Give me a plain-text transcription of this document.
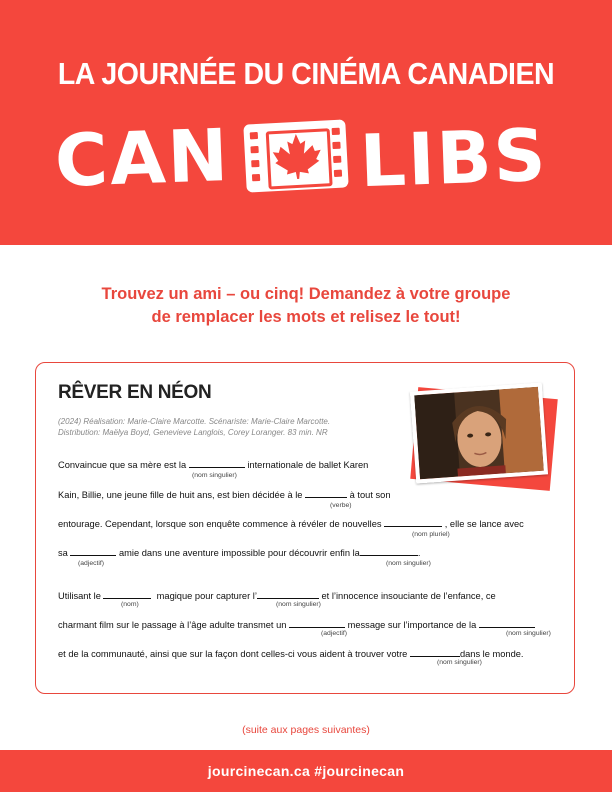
LA JOURNÉE DU CINÉMA CANADIEN
CAN LIBS
Trouvez un ami – ou cinq! Demandez à votre groupe
de remplacer les mots et relisez le tout!
RÊVER EN NÉON
(2024) Réalisation: Marie-Claire Marcotte. Scénariste: Marie-Claire Marcotte.
Distribution: Maëlya Boyd, Genevieve Langlois, Corey Loranger. 83 min. NR
Convaincue que sa mère est la	internationale de ballet Karen
(nom singulier)
Kain, Billie, une jeune fille de huit ans, est bien décidée à le	à tout son
(verbe)
entourage. Cependant, lorsque son enquête commence à révéler de nouvelles	, elle se lance avec
(nom pluriel)
sa	amie dans une aventure impossible pour découvrir enfin la	.
(adjectif)	(nom singulier)
Utilisant le	magique pour capturer l’	et l’innocence insouciante de l’enfance, ce
(nom)	(nom singulier)
charmant film sur le passage à l’âge adulte transmet un	message sur l’importance de la
(adjectif)	(nom singulier)
et de la communauté, ainsi que sur la façon dont celles-ci vous aident à trouver votre	dans le monde.
(nom singulier)
(suite aux pages suivantes)
jourcinecan.ca #jourcinecan
